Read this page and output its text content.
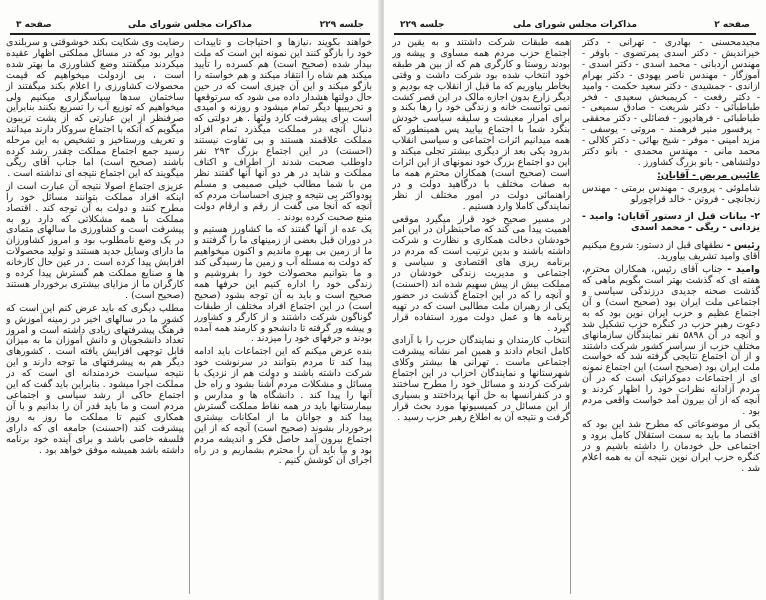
صفحه ۳	مذاکرات مجلس شورای ملی	جلسه ۲۲۹

خواهند بگویند ،نیازها و احتیاجات و تأییدات خود را بازگو کنند این نمونه این است که ملت بیدار شده (صحیح است) هم کسرده را تأیید میکند هم شاه را انتقاد میکند و هم خواسته را بازگو میکند و این آن چیزی است که در حین حال دولتها هشدار داده می شود که سرتوقعها و تحریبیها دیگر تمام میشود و روزنه و امیدی است برای پیشرفت کارد ولتها . هر دولتی که دنبال آنچه در مملکت میگذرد تمام افراد مملکت علاقمند هستند و بی تفاوت نیستند (احسنت) در این اجتماع بزرگ ۲۹۳ نفر داوطلب صحبت شدند از اطراف و اکناف مملکت و شاید در هر دو آنها آنها گفتند نظر من با شما مطالب خیلی صمیمی و مسلم بودواکثر بی نتیجه و چیزی احساسات مردم که آنچه که آنجا می گفت از رقم و ارقام دولت منبع صحبت کرده بودند .

یک عده از آنها گفتند که ما کشاورز هستیم و در دوران قبل بعضی از زمینهای ما را گرفتند و ما از زمین بی بهره ماندیم و اکنون میخواهیم که دولت به مسئله آب و زمین ما رسیدگی کند و ما بتوانیم محصولات خود را بفروشیم و زندگی خود را اداره کنیم این حرفها همه صحیح است و باید به آن توجه بشود (صحیح است) در این اجتماع افراد مختلف از طبقات گوناگون شرکت داشتند و از کارگر و کشاورز و پیشه ور گرفته تا دانشجو و کارمند همه آمده بودند و حرفهای خود را میزدند .

بنده عرض میکنم که این اجتماعات باید ادامه پیدا کند تا مردم بتوانند در سرنوشت خود شرکت داشته باشند و دولت هم از نزدیک با مسائل و مشکلات مردم آشنا بشود و راه حل آنها را پیدا کند . دانشگاه ها و مدارس و بیمارستانها باید در همه نقاط مملکت گسترش پیدا کند و جوانان ما از امکانات بیشتری برخوردار بشوند (صحیح است) آنچه که از این اجتماع بیرون آمد حاصل فکر و اندیشه مردم بود و ما باید آن را محترم بشماریم و در راه اجرای آن کوشش کنیم .

رضایت وی شکایت بکند خوشوقتی و سربلندی دوایر بود که در مسائل مملکتی اظهار عقیده میکردند میگفتند وضع کشاورزی ما بهتر شده است ، بی ازدولت میخواهیم که قیمت محصولات کشاورزی را اعلام بکند میگفتند از ساختمان سدها سپاسگزاری میکنیم ولی میخواهیم که توزیع آب را تسریع بکنند بنابراین صرفنظر از این عبارتی که از پشت تریبون میگویم که آنکه با اجتماع سروکار دارند میدانند و تعریف ورستاخیز و تشخیص به این مرحله رسید جمع اجتماع مملکت چقدر رشد کرده باشند (صحیح است) اما جناب آقای ریگی میگویند که این اجتماع نتیجه ای نداشته است .

عزیزی اجتماع اصولا نتیجه آن عبارت است از اینکه افراد مملکت بتوانند مسائل خود را مطرح کنند و دولت به آن توجه کند . اقتصاد مملکت با همه مشکلاتی که دارد رو به پیشرفت است و کشاورزی ما سالهای متمادی در یک وضع نامطلوب بود و امروز کشاورزان ما دارای وسایل جدید هستند و تولید محصولات افزایش پیدا کرده است . در عین حال کارخانه ها و صنایع مملکت هم گسترش پیدا کرده و کارگران ما از مزایای بیشتری برخوردار هستند (صحیح است) .

مطلب دیگری که باید عرض کنم این است که کشور ما در سالهای اخیر در زمینه آموزش و فرهنگ پیشرفتهای زیادی داشته است و امروز تعداد دانشجویان و دانش آموزان ما به میزان قابل توجهی افزایش یافته است . کشورهای دیگر هم به پیشرفتهای ما توجه دارند و این نتیجه سیاست خردمندانه ای است که در مملکت اجرا میشود . بنابراین باید گفت که این اجتماع حاکی از رشد سیاسی و اجتماعی مردم است و ما باید قدر آن را بدانیم و با آن همکاری کنیم تا مملکت ما روز به روز پیشرفت کند (احسنت) جامعه ای که دارای فلسفه خاصی باشد و برای آینده خود برنامه داشته باشد همیشه موفق خواهد بود .

جلسه ۲۲۹	مذاکرات مجلس شورای ملی	صفحه ۲

مجیدمحسنی - بهادری - تهرانی - دکتر خیراندیش - دکتر اسدی یمرتضوی - باوفر - مهندس اردبانی - محمد اسدی - دکتر اسدی - آموزگار - مهندس ناصر یهودی - دکتر بهرام ازاندی - جمشیدی - دکتر سعید حکمت - وامید - دکتر رفعت - کریمبخش سعیدی - فخر طباطبائی - دکتر شریعت - صادق سمیعی - طباطبائی - فرهادپور - فضائلی - دکتر محققی - پرفسور منیر فرهمند - مروتی - یوسفی - مزید امینی - موفر - شیخ بهائی - دکتر کلالی - محمد مانی - مهندس محمدی - بانو دکتر دولتشاهی - بانو بزرگ کشاورز .

غائبین مریض - آقایان:

شاملوئی - پروبری - مهندس برمتی - مهندس زنجانچی - فروتن - خالد قراچورلو

۲- بیانات قبل از دستور آقایان: وامید - یزدانی - ریگی - محمد اسدی

رئیس - نطقهای قبل از دستور: شروع میکنیم آقای وامید تشریف بیاورید.

وامید - جناب آقای رئیس، همکاران محترم، هفته ای که گذشت بهتر است بگویم ماهی که گذشت صحنه جدیدی درزندگی سیاسی و اجتماعی ملت ایران بود (صحیح است) و آن اجتماع عظیم و حزب ایران نوین بود که به دعوت رهبر حزب در کنگره حزب تشکیل شد و آنچه در آن ۵۸۹۸ نفر نمایندگان سازمانهای مختلف حزب از سراسر کشور شرکت داشتند و از آن اجتماع نتایجی گرفته شد که خواست ملت ایران بود (صحیح است) این اجتماع نمونه ای از اجتماعات دموکراتیک است که در آن مردم آزادانه نظرات خود را اظهار کردند و آنچه که از آن بیرون آمد خواست واقعی مردم بود .

یکی از موضوعاتی که مطرح شد این بود که اقتصاد ما باید به سمت استقلال کامل برود و اجتماعی حل خودمان را داشته باشیم و در کنگره حزب ایران نوین نتیجه آن به همه اعلام شد .

همه طبقات شرکت داشتند و به یقین در اجتماع حزب مردم همه مساوی و پیشه ور بودند روستا و کارگری هم که از بین هر طبقه خود انتخاب شده بود شرکت داشت و وقتی بخاطر بیاوریم که ما قبل از انقلاب چه بودیم و دیگر زارع بدون اجازه مالک در این قصر کشت نمی توانست خانه و زندگی خود را رها بکند و برای امرار معیشت و سلیقه سیاسی خودش بنگرد شما با اجتماع بیایید پس همینطور که همه میدانیم اثرات اجتماعی و سیاسی انقلاب بدرود یکی بعد از دیگری بیشتر تجلی میکند و این دو اجتماع بزرگ خود نمونهای از این اثرات است (صحیح است) همکاران محترم همه ما به صفات مختلف با درگاهید دولت و در راهنمائی دولت در امور مختلف از نظر نمایندگی کاملا وارد هستیم .

در مسیر صحیح خود قرار میگیرد موقعی اهمیت پیدا می کند که صاحبنظران در این امر خودشان دخالت همکاری و نظارت و شرکت داشته باشند و بدین ترتیب است که مردم در برنامه ریزی های اقتصادی و سیاسی و اجتماعی و مدیریت زندگی خودشان در مملکت بیش از پیش سهیم شده اند (احسنت) و آنچه را که در این اجتماع گذشت در حضور یکی از رهبران ملت مطالبی است که در تهیه برنامه ها و عمل دولت مورد استفاده قرار گیرد .

انتخاب کارمندان و نمایندگان حزب را با آزادی کامل انجام دادند و همین امر نشانه پیشرفت اجتماعی ماست . تهرانی ها بیشتر وکلای شهرستانها و نمایندگان احزاب در این اجتماع شرکت کردند و مسائل خود را مطرح ساختند و در کنفرانسها به حل آنها پرداختند و بسیاری از این مسائل در کمیسیونها مورد بحث قرار گرفت و نتیجه آن به اطلاع رهبر حزب رسید .
